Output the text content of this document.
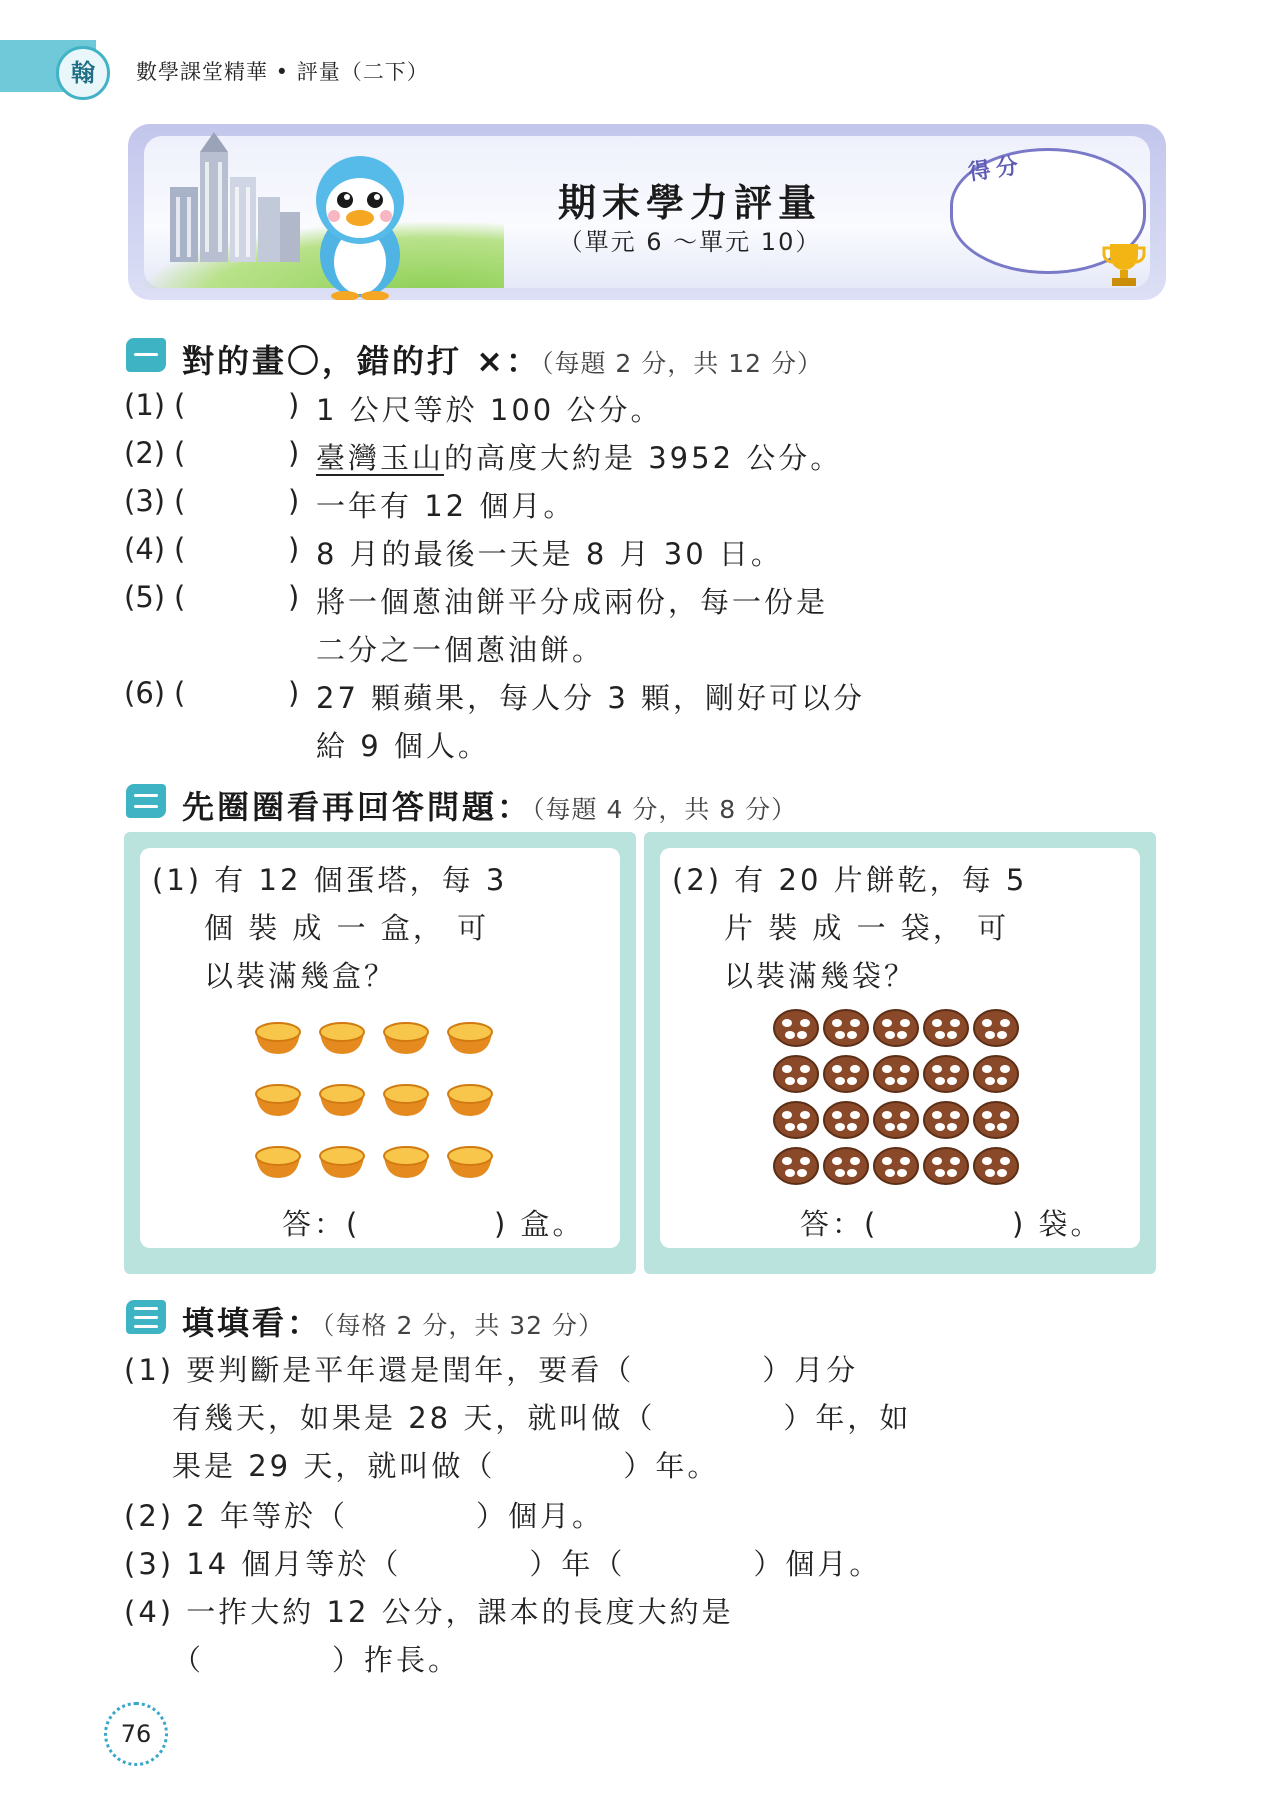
翰	數學課堂精華 • 評量（二下）
期末學力評量
（單元 6 ～單元 10）
得分
對的畫〇，錯的打 ×：（每題 2 分，共 12 分）
(1) (	) 1 公尺等於 100 公分。
(2) (	) 臺灣玉山的高度大約是 3952 公分。
(3) (	) 一年有 12 個月。
(4) (	) 8 月的最後一天是 8 月 30 日。
(5) (	) 將一個蔥油餅平分成兩份，每一份是
二分之一個蔥油餅。
(6) (	) 27 顆蘋果，每人分 3 顆，剛好可以分
給 9 個人。
先圈圈看再回答問題：（每題 4 分，共 8 分）
(1) 有 12 個蛋塔，每 3
個 裝 成 一 盒， 可
以裝滿幾盒？
答：(	) 盒。
(2) 有 20 片餅乾，每 5
片 裝 成 一 袋， 可
以裝滿幾袋？
答：(	) 袋。
填填看：（每格 2 分，共 32 分）
(1) 要判斷是平年還是閏年，要看（　　　　）月分
有幾天，如果是 28 天，就叫做（　　　　）年，如
果是 29 天，就叫做（　　　　）年。
(2) 2 年等於（　　　　）個月。
(3) 14 個月等於（　　　　）年（　　　　）個月。
(4) 一拃大約 12 公分，課本的長度大約是
（　　　　）拃長。
76
